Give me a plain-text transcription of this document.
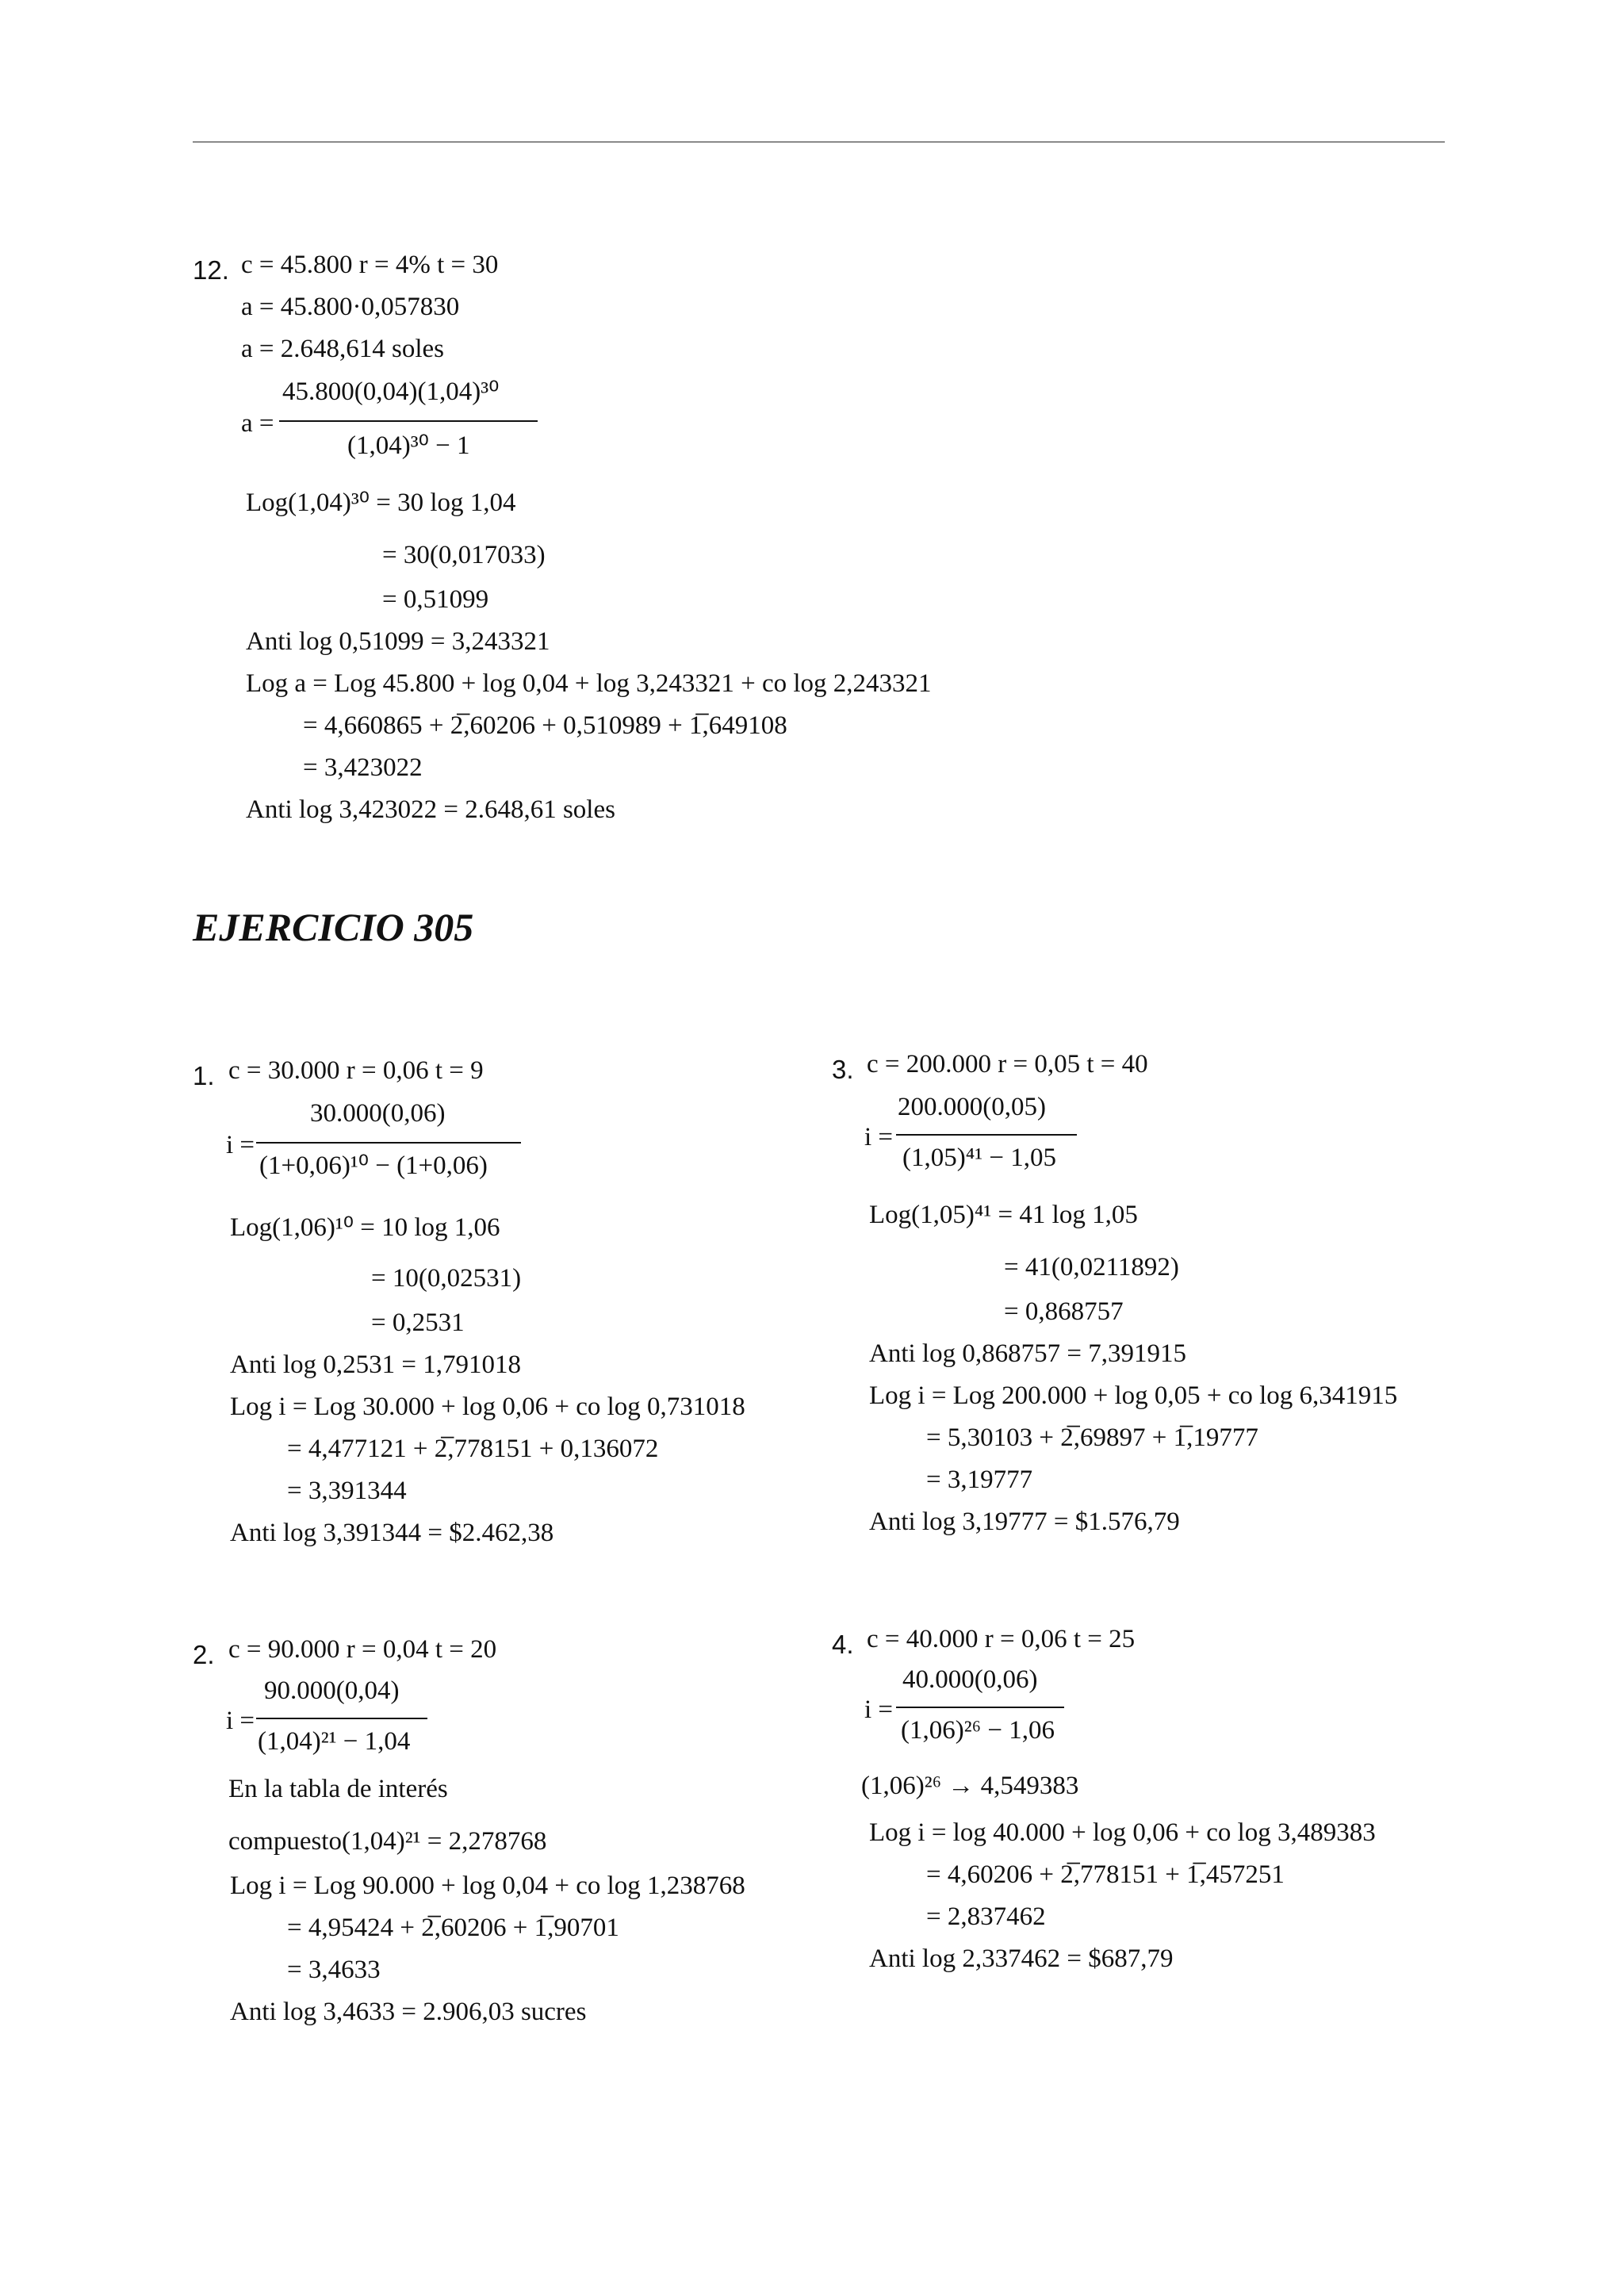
12. c = 45.800 r = 4% t = 30
a = 45.800·0,057830
a = 2.648,614 soles
a =
45.800(0,04)(1,04)³⁰
(1,04)³⁰ − 1
Log(1,04)³⁰ = 30 log 1,04
= 30(0,017033)
= 0,51099
Anti log 0,51099 = 3,243321
Log a = Log 45.800 + log 0,04 + log 3,243321 + co log 2,243321
= 4,660865 + 2̅,60206 + 0,510989 + 1̅,649108
= 3,423022
Anti log 3,423022 = 2.648,61 soles
EJERCICIO 305
1. c = 30.000 r = 0,06 t = 9
i =
30.000(0,06)
(1+0,06)¹⁰ − (1+0,06)
Log(1,06)¹⁰ = 10 log 1,06
= 10(0,02531)
= 0,2531
Anti log 0,2531 = 1,791018
Log i = Log 30.000 + log 0,06 + co log 0,731018
= 4,477121 + 2̅,778151 + 0,136072
= 3,391344
Anti log 3,391344 = $2.462,38
3. c = 200.000 r = 0,05 t = 40
i =
200.000(0,05)
(1,05)⁴¹ − 1,05
Log(1,05)⁴¹ = 41 log 1,05
= 41(0,0211892)
= 0,868757
Anti log 0,868757 = 7,391915
Log i = Log 200.000 + log 0,05 + co log 6,341915
= 5,30103 + 2̅,69897 + 1̅,19777
= 3,19777
Anti log 3,19777 = $1.576,79
2. c = 90.000 r = 0,04 t = 20
i =
90.000(0,04)
(1,04)²¹ − 1,04
En la tabla de interés
compuesto(1,04)²¹ = 2,278768
Log i = Log 90.000 + log 0,04 + co log 1,238768
= 4,95424 + 2̅,60206 + 1̅,90701
= 3,4633
Anti log 3,4633 = 2.906,03 sucres
4. c = 40.000 r = 0,06 t = 25
i =
40.000(0,06)
(1,06)²⁶ − 1,06
(1,06)²⁶ → 4,549383
Log i = log 40.000 + log 0,06 + co log 3,489383
= 4,60206 + 2̅,778151 + 1̅,457251
= 2,837462
Anti log 2,337462 = $687,79
